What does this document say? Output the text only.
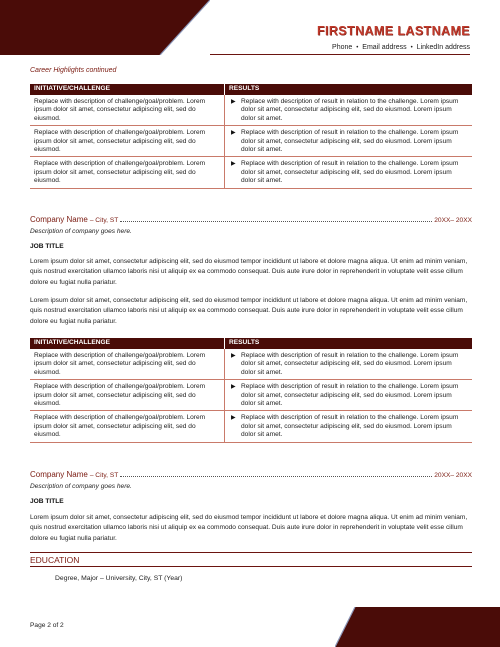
FIRSTNAME LASTNAME
Phone • Email address • LinkedIn address
Career Highlights continued
INITIATIVE/CHALLENGE	RESULTS
Replace with description of challenge/goal/problem. Lorem ipsum dolor sit amet, consectetur adipiscing elit, sed do eiusmod.	▶ Replace with description of result in relation to the challenge. Lorem ipsum dolor sit amet, consectetur adipiscing elit, sed do eiusmod. Lorem ipsum dolor sit amet.

Replace with description of challenge/goal/problem. Lorem ipsum dolor sit amet, consectetur adipiscing elit, sed do eiusmod.	▶ Replace with description of result in relation to the challenge. Lorem ipsum dolor sit amet, consectetur adipiscing elit, sed do eiusmod. Lorem ipsum dolor sit amet.

Replace with description of challenge/goal/problem. Lorem ipsum dolor sit amet, consectetur adipiscing elit, sed do eiusmod.	▶ Replace with description of result in relation to the challenge. Lorem ipsum dolor sit amet, consectetur adipiscing elit, sed do eiusmod. Lorem ipsum dolor sit amet.
Company Name – City, ST	20XX– 20XX
Description of company goes here.
JOB TITLE
Lorem ipsum dolor sit amet, consectetur adipiscing elit, sed do eiusmod tempor incididunt ut labore et dolore magna aliqua. Ut enim ad minim veniam, quis nostrud exercitation ullamco laboris nisi ut aliquip ex ea commodo consequat. Duis aute irure dolor in reprehenderit in voluptate velit esse cillum dolore eu fugiat nulla pariatur.
Lorem ipsum dolor sit amet, consectetur adipiscing elit, sed do eiusmod tempor incididunt ut labore et dolore magna aliqua. Ut enim ad minim veniam, quis nostrud exercitation ullamco laboris nisi ut aliquip ex ea commodo consequat. Duis aute irure dolor in reprehenderit in voluptate velit esse cillum dolore eu fugiat nulla pariatur.
INITIATIVE/CHALLENGE	RESULTS
Replace with description of challenge/goal/problem. Lorem ipsum dolor sit amet, consectetur adipiscing elit, sed do eiusmod.	▶ Replace with description of result in relation to the challenge. Lorem ipsum dolor sit amet, consectetur adipiscing elit, sed do eiusmod. Lorem ipsum dolor sit amet.

Replace with description of challenge/goal/problem. Lorem ipsum dolor sit amet, consectetur adipiscing elit, sed do eiusmod.	▶ Replace with description of result in relation to the challenge. Lorem ipsum dolor sit amet, consectetur adipiscing elit, sed do eiusmod. Lorem ipsum dolor sit amet.

Replace with description of challenge/goal/problem. Lorem ipsum dolor sit amet, consectetur adipiscing elit, sed do eiusmod.	▶ Replace with description of result in relation to the challenge. Lorem ipsum dolor sit amet, consectetur adipiscing elit, sed do eiusmod. Lorem ipsum dolor sit amet.
Company Name – City, ST	20XX– 20XX
Description of company goes here.
JOB TITLE
Lorem ipsum dolor sit amet, consectetur adipiscing elit, sed do eiusmod tempor incididunt ut labore et dolore magna aliqua. Ut enim ad minim veniam, quis nostrud exercitation ullamco laboris nisi ut aliquip ex ea commodo consequat. Duis aute irure dolor in reprehenderit in voluptate velit esse cillum dolore eu fugiat nulla pariatur.
EDUCATION
Degree, Major – University, City, ST (Year)
Page 2 of 2
